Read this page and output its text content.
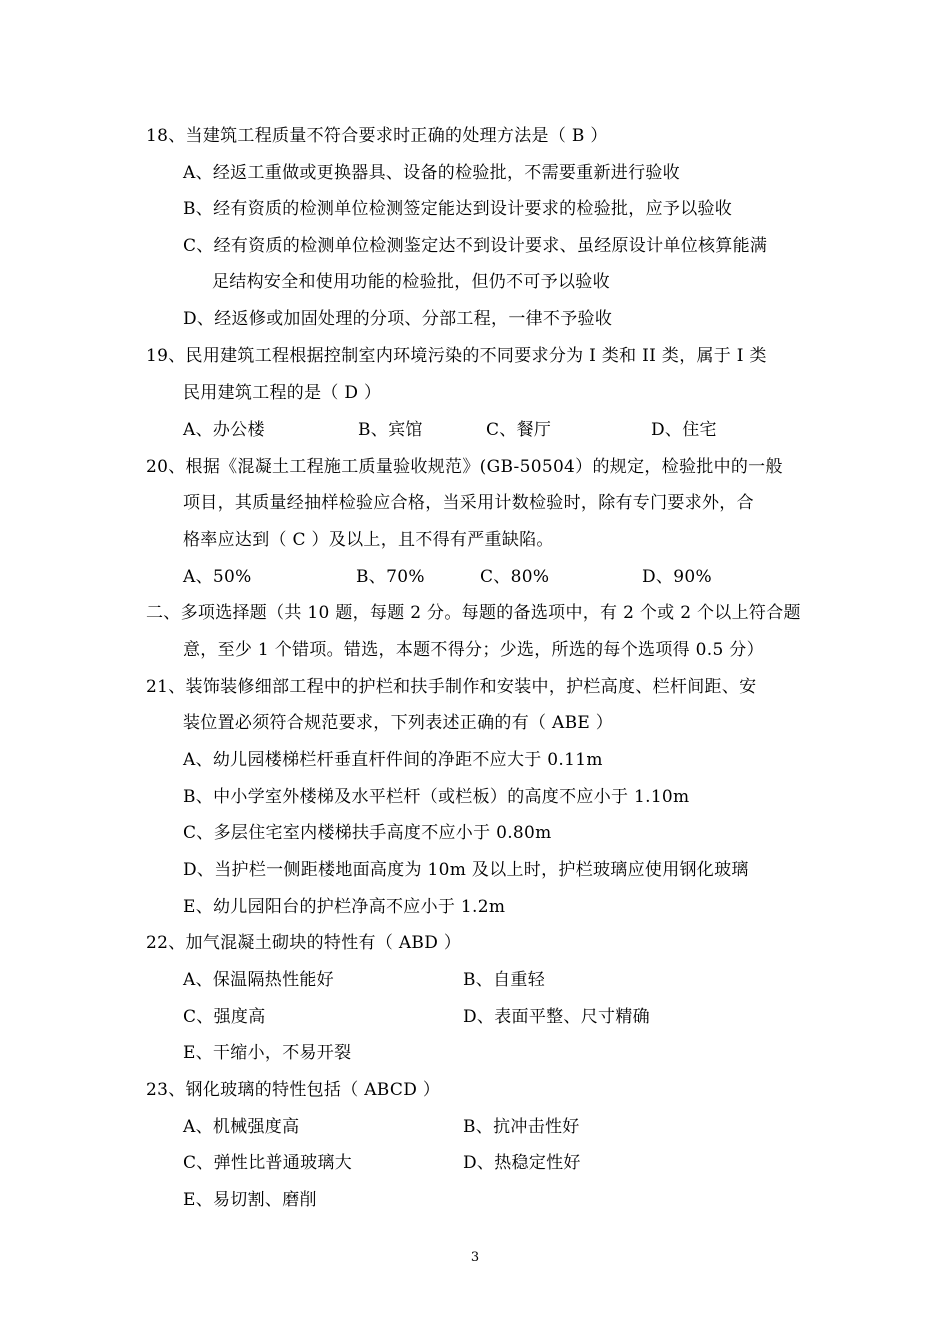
18、当建筑工程质量不符合要求时正确的处理方法是（ B ）
A、经返工重做或更换器具、设备的检验批，不需要重新进行验收
B、经有资质的检测单位检测签定能达到设计要求的检验批，应予以验收
C、经有资质的检测单位检测鉴定达不到设计要求、虽经原设计单位核算能满
足结构安全和使用功能的检验批，但仍不可予以验收
D、经返修或加固处理的分项、分部工程，一律不予验收
19、民用建筑工程根据控制室内环境污染的不同要求分为 I 类和 II 类，属于 I 类
民用建筑工程的是（ D ）
A、办公楼	B、宾馆	C、餐厅	D、住宅
20、根据《混凝土工程施工质量验收规范》(GB-50504）的规定，检验批中的一般
项目，其质量经抽样检验应合格，当采用计数检验时，除有专门要求外，合
格率应达到（ C ）及以上，且不得有严重缺陷。
A、50%	B、70%	C、80%	D、90%
二、多项选择题（共 10 题，每题 2 分。每题的备选项中，有 2 个或 2 个以上符合题
意，至少 1 个错项。错选，本题不得分；少选，所选的每个选项得 0.5 分）
21、装饰装修细部工程中的护栏和扶手制作和安装中，护栏高度、栏杆间距、安
装位置必须符合规范要求，下列表述正确的有（ ABE ）
A、幼儿园楼梯栏杆垂直杆件间的净距不应大于 0.11m
B、中小学室外楼梯及水平栏杆（或栏板）的高度不应小于 1.10m
C、多层住宅室内楼梯扶手高度不应小于 0.80m
D、当护栏一侧距楼地面高度为 10m 及以上时，护栏玻璃应使用钢化玻璃
E、幼儿园阳台的护栏净高不应小于 1.2m
22、加气混凝土砌块的特性有（ ABD ）
A、保温隔热性能好	B、自重轻
C、强度高	D、表面平整、尺寸精确
E、干缩小，不易开裂
23、钢化玻璃的特性包括（ ABCD ）
A、机械强度高	B、抗冲击性好
C、弹性比普通玻璃大	D、热稳定性好
E、易切割、磨削
3
